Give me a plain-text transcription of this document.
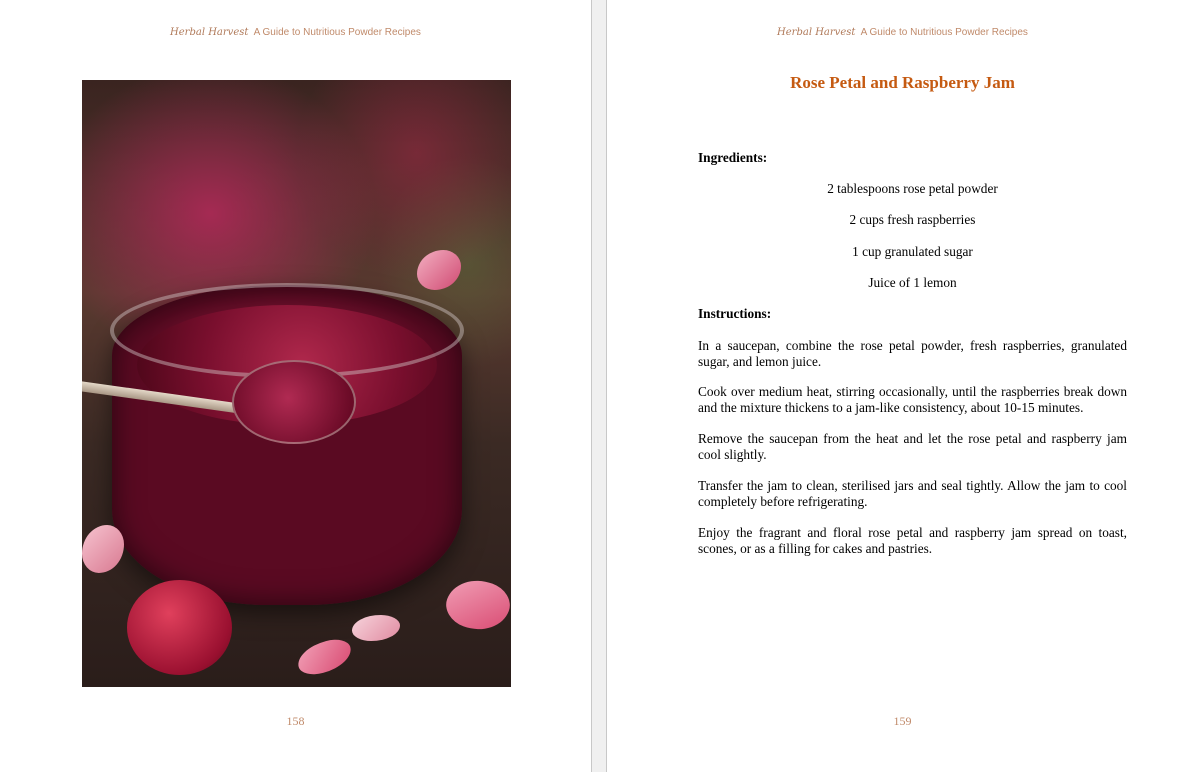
Herbal Harvest A Guide to Nutritious Powder Recipes
158
Herbal Harvest A Guide to Nutritious Powder Recipes
Rose Petal and Raspberry Jam

Ingredients:

2 tablespoons rose petal powder

2 cups fresh raspberries

1 cup granulated sugar

Juice of 1 lemon

Instructions:

In a saucepan, combine the rose petal powder, fresh raspberries, granulated sugar, and lemon juice.

Cook over medium heat, stirring occasionally, until the raspberries break down and the mixture thickens to a jam-like consistency, about 10-15 minutes.

Remove the saucepan from the heat and let the rose petal and raspberry jam cool slightly.

Transfer the jam to clean, sterilised jars and seal tightly. Allow the jam to cool completely before refrigerating.

Enjoy the fragrant and floral rose petal and raspberry jam spread on toast, scones, or as a filling for cakes and pastries.

159
